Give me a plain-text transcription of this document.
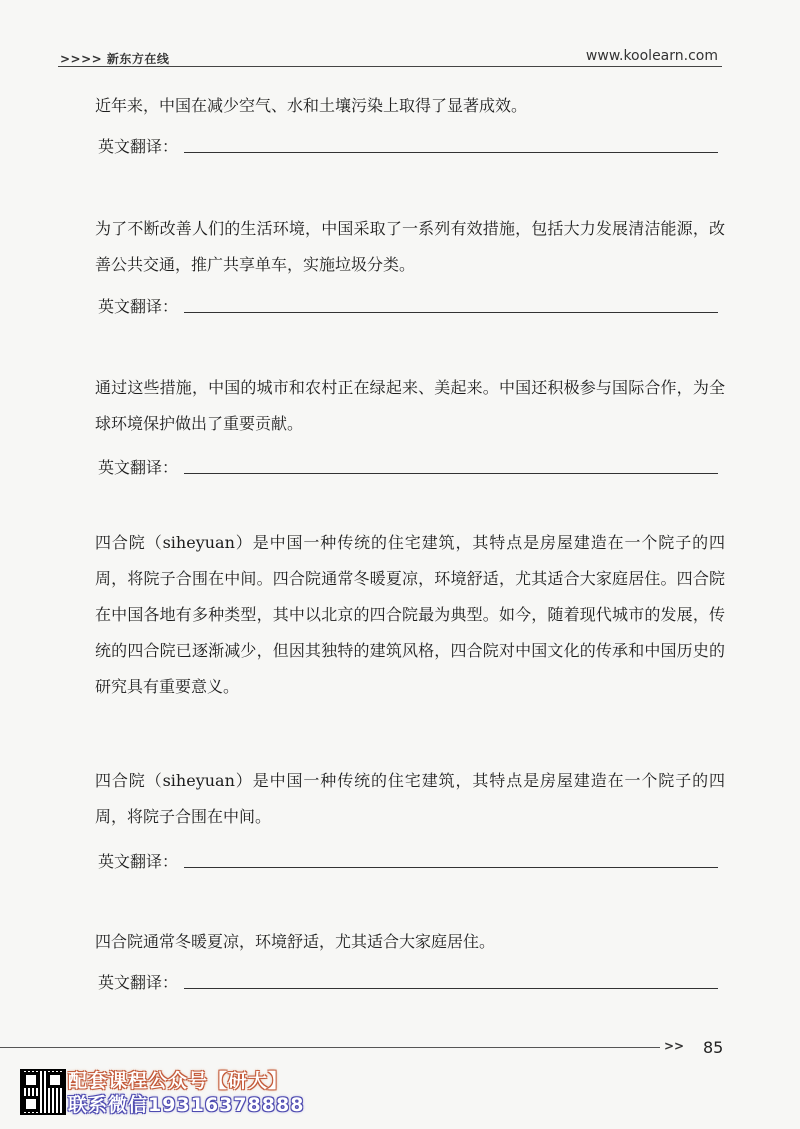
>>>> 新东方在线	www.koolearn.com

近年来，中国在减少空气、水和土壤污染上取得了显著成效。

英文翻译：

为了不断改善人们的生活环境，中国采取了一系列有效措施，包括大力发展清洁能源，改善公共交通，推广共享单车，实施垃圾分类。

英文翻译：

通过这些措施，中国的城市和农村正在绿起来、美起来。中国还积极参与国际合作，为全球环境保护做出了重要贡献。

英文翻译：

四合院（siheyuan）是中国一种传统的住宅建筑，其特点是房屋建造在一个院子的四周，将院子合围在中间。四合院通常冬暖夏凉，环境舒适，尤其适合大家庭居住。四合院在中国各地有多种类型，其中以北京的四合院最为典型。如今，随着现代城市的发展，传统的四合院已逐渐减少，但因其独特的建筑风格，四合院对中国文化的传承和中国历史的研究具有重要意义。

四合院（siheyuan）是中国一种传统的住宅建筑，其特点是房屋建造在一个院子的四周，将院子合围在中间。

英文翻译：

四合院通常冬暖夏凉，环境舒适，尤其适合大家庭居住。

英文翻译：
>> 85
配套课程公众号【研大】
联系微信19316378888
